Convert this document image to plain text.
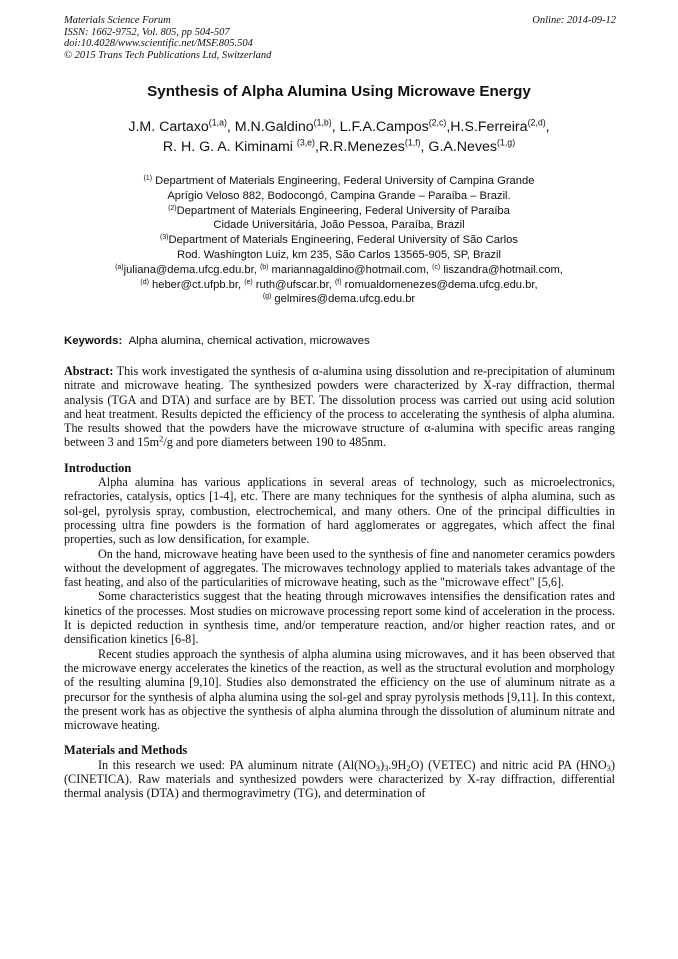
Materials Science Forum
ISSN: 1662-9752, Vol. 805, pp 504-507
doi:10.4028/www.scientific.net/MSF.805.504
© 2015 Trans Tech Publications Ltd, Switzerland
Online: 2014-09-12
Synthesis of Alpha Alumina Using Microwave Energy
J.M. Cartaxo$^{(1,a)}$, M.N.Galdino$^{(1,b)}$, L.F.A.Campos$^{(2,c)}$,H.S.Ferreira$^{(2,d)}$,
R. H. G. A. Kiminami $^{(3,e)}$,R.R.Menezes$^{(1,f)}$, G.A.Neves$^{(1,g)}$
$^{(1)}$ Department of Materials Engineering, Federal University of Campina Grande
Aprígio Veloso 882, Bodocongó, Campina Grande – Paraíba – Brazil.
$^{(2)}$Department of Materials Engineering, Federal University of Paraíba
Cidade Universitária, João Pessoa, Paraíba, Brazil
$^{(3)}$Department of Materials Engineering, Federal University of São Carlos
Rod. Washington Luiz, km 235, São Carlos 13565-905, SP, Brazil
$^{(a)}$juliana@dema.ufcg.edu.br, $^{(b)}$ mariannagaldino@hotmail.com, $^{(c)}$ liszandra@hotmail.com,
$^{(d)}$ heber@ct.ufpb.br, $^{(e)}$ ruth@ufscar.br, $^{(f)}$ romualdomenezes@dema.ufcg.edu.br,
$^{(g)}$ gelmires@dema.ufcg.edu.br
Keywords: Alpha alumina, chemical activation, microwaves

Abstract: This work investigated the synthesis of α-alumina using dissolution and re-precipitation of aluminum nitrate and microwave heating. The synthesized powders were characterized by X-ray diffraction, thermal analysis (TGA and DTA) and surface are by BET. The dissolution process was carried out using acid solution and heat treatment. Results depicted the efficiency of the process to accelerating the synthesis of alpha alumina. The results showed that the powders have the microwave structure of α-alumina with specific areas ranging between 3 and $15m^2/g$ and pore diameters between 190 to 485nm.

Introduction

Alpha alumina has various applications in several areas of technology, such as microelectronics, refractories, catalysis, optics [1-4], etc. There are many techniques for the synthesis of alpha alumina, such as sol-gel, pyrolysis spray, combustion, electrochemical, and many others. One of the principal difficulties in processing ultra fine powders is the formation of hard agglomerates or aggregates, which affect the final properties, such as low densification, for example.

On the hand, microwave heating have been used to the synthesis of fine and nanometer ceramics powders without the development of aggregates. The microwaves technology applied to materials takes advantage of the fast heating, and also of the particularities of microwave heating, such as the "microwave effect" [5,6].

Some characteristics suggest that the heating through microwaves intensifies the densification rates and kinetics of the processes. Most studies on microwave processing report some kind of acceleration in the process. It is depicted reduction in synthesis time, and/or temperature reaction, and/or higher reaction rates, and or densification kinetics [6-8].

Recent studies approach the synthesis of alpha alumina using microwaves, and it has been observed that the microwave energy accelerates the kinetics of the reaction, as well as the structural evolution and morphology of the resulting alumina [9,10]. Studies also demonstrated the efficiency on the use of aluminum nitrate as a precursor for the synthesis of alpha alumina using the sol-gel and spray pyrolysis methods [9,11]. In this context, the present work has as objective the synthesis of alpha alumina through the dissolution of aluminum nitrate and microwave heating.

Materials and Methods

In this research we used: PA aluminum nitrate $(Al(NO_3)_3.9H_2O)$ (VETEC) and nitric acid PA $(HNO_3)$ (CINETICA). Raw materials and synthesized powders were characterized by X-ray diffraction, differential thermal analysis (DTA) and thermogravimetry (TG), and determination of
